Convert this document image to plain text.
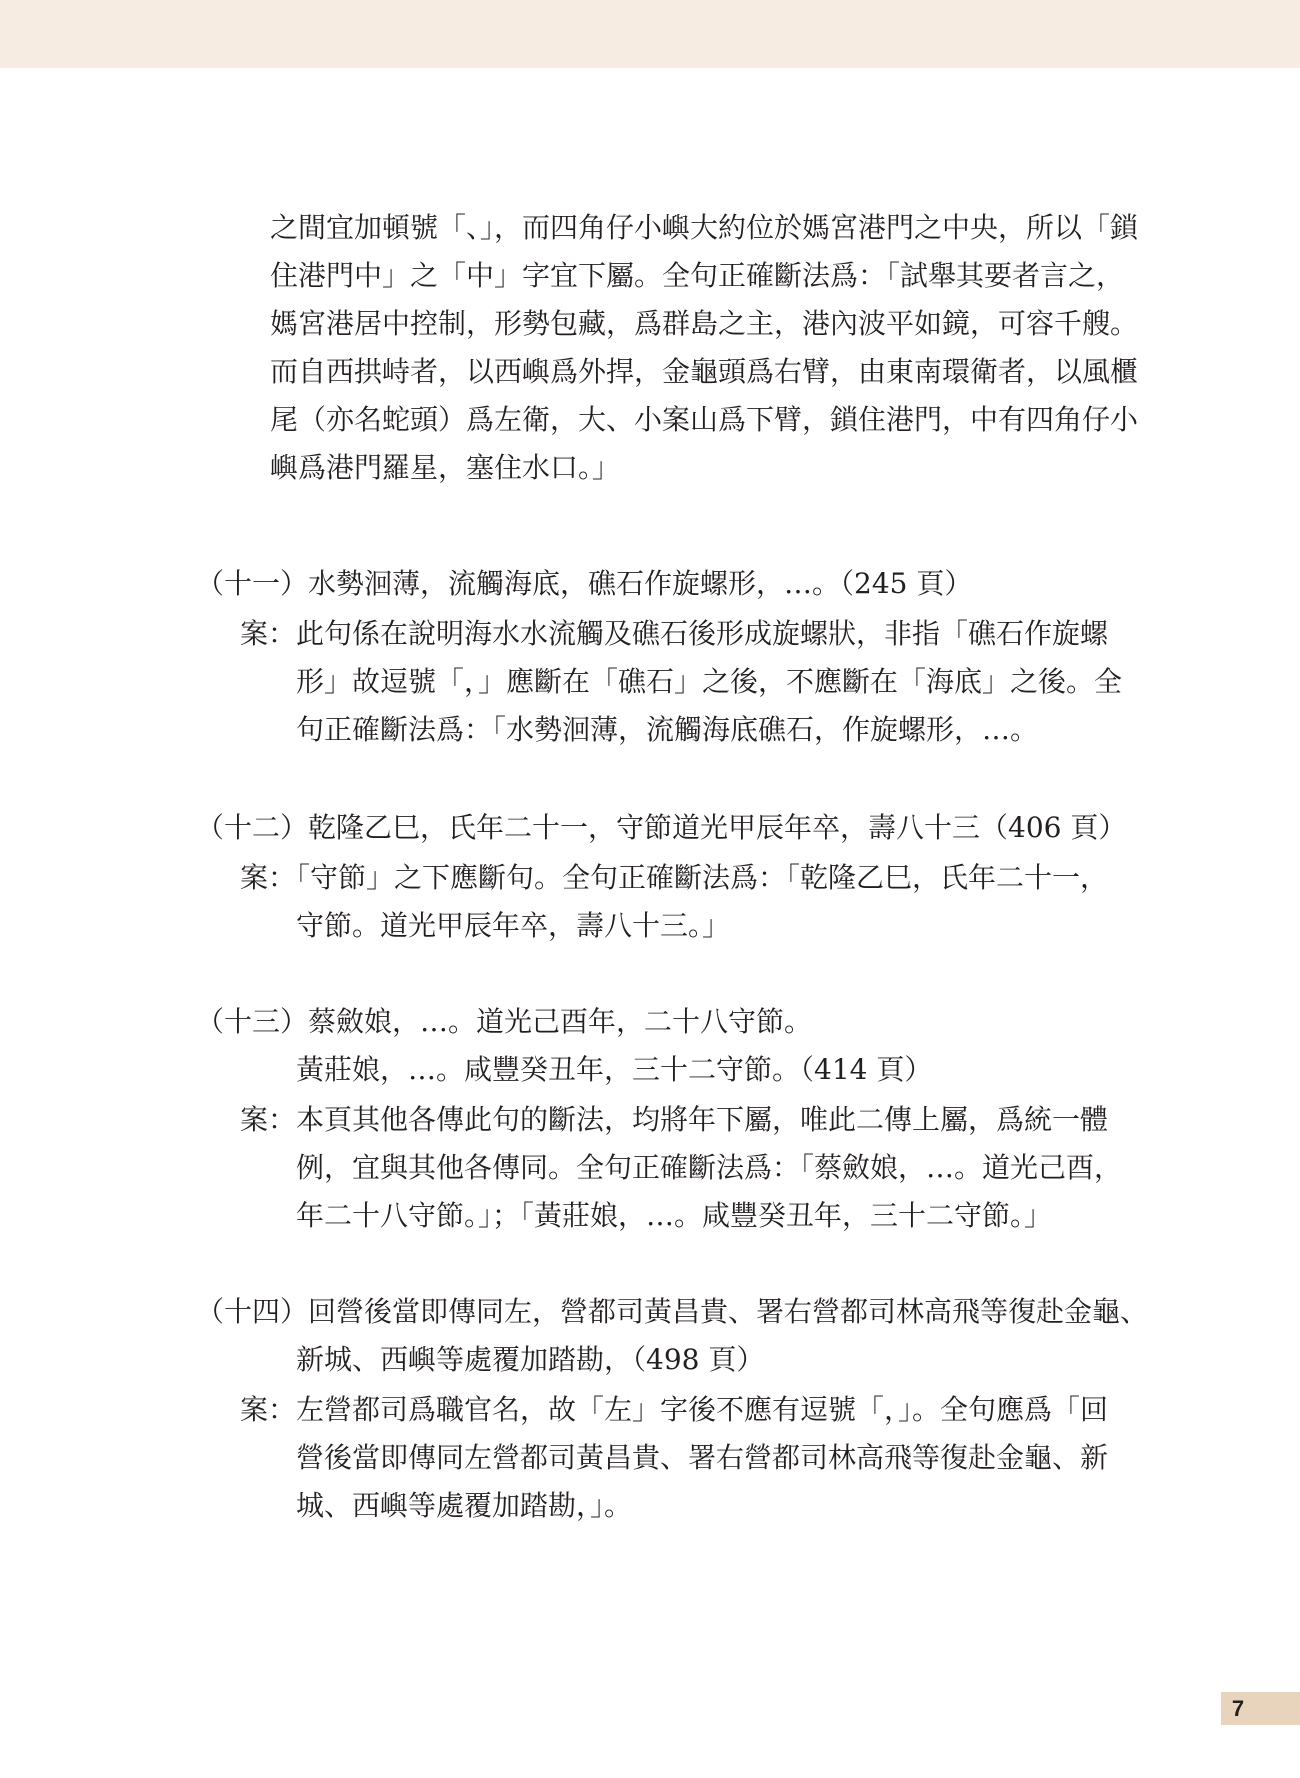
之間宜加頓號「、」，而四角仔小嶼大約位於媽宮港門之中央，所以「鎖

住港門中」之「中」字宜下屬。全句正確斷法爲：「試舉其要者言之，

媽宮港居中控制，形勢包藏，爲群島之主，港內波平如鏡，可容千艘。

而自西拱峙者，以西嶼爲外捍，金龜頭爲右臂，由東南環衛者，以風櫃

尾（亦名蛇頭）爲左衛，大、小案山爲下臂，鎖住港門，中有四角仔小

嶼爲港門羅星，塞住水口。」

（十一）水勢洄薄，流觸海底，礁石作旋螺形，…。（245 頁）

案：此句係在說明海水水流觸及礁石後形成旋螺狀，非指「礁石作旋螺

形」故逗號「，」應斷在「礁石」之後，不應斷在「海底」之後。全

句正確斷法爲：「水勢洄薄，流觸海底礁石，作旋螺形，…。

（十二）乾隆乙巳，氏年二十一，守節道光甲辰年卒，壽八十三（406 頁）

案：「守節」之下應斷句。全句正確斷法爲：「乾隆乙巳，氏年二十一，

守節。道光甲辰年卒，壽八十三。」

（十三）蔡斂娘，…。道光己酉年，二十八守節。

黃莊娘，…。咸豐癸丑年，三十二守節。（414 頁）

案：本頁其他各傳此句的斷法，均將年下屬，唯此二傳上屬，爲統一體

例，宜與其他各傳同。全句正確斷法爲：「蔡斂娘，…。道光己酉，

年二十八守節。」；「黃莊娘，…。咸豐癸丑年，三十二守節。」

（十四）回營後當即傳同左，營都司黃昌貴、署右營都司林高飛等復赴金龜、

新城、西嶼等處覆加踏勘，（498 頁）

案：左營都司爲職官名，故「左」字後不應有逗號「，」。全句應爲「回

營後當即傳同左營都司黃昌貴、署右營都司林高飛等復赴金龜、新

城、西嶼等處覆加踏勘，」。

7
